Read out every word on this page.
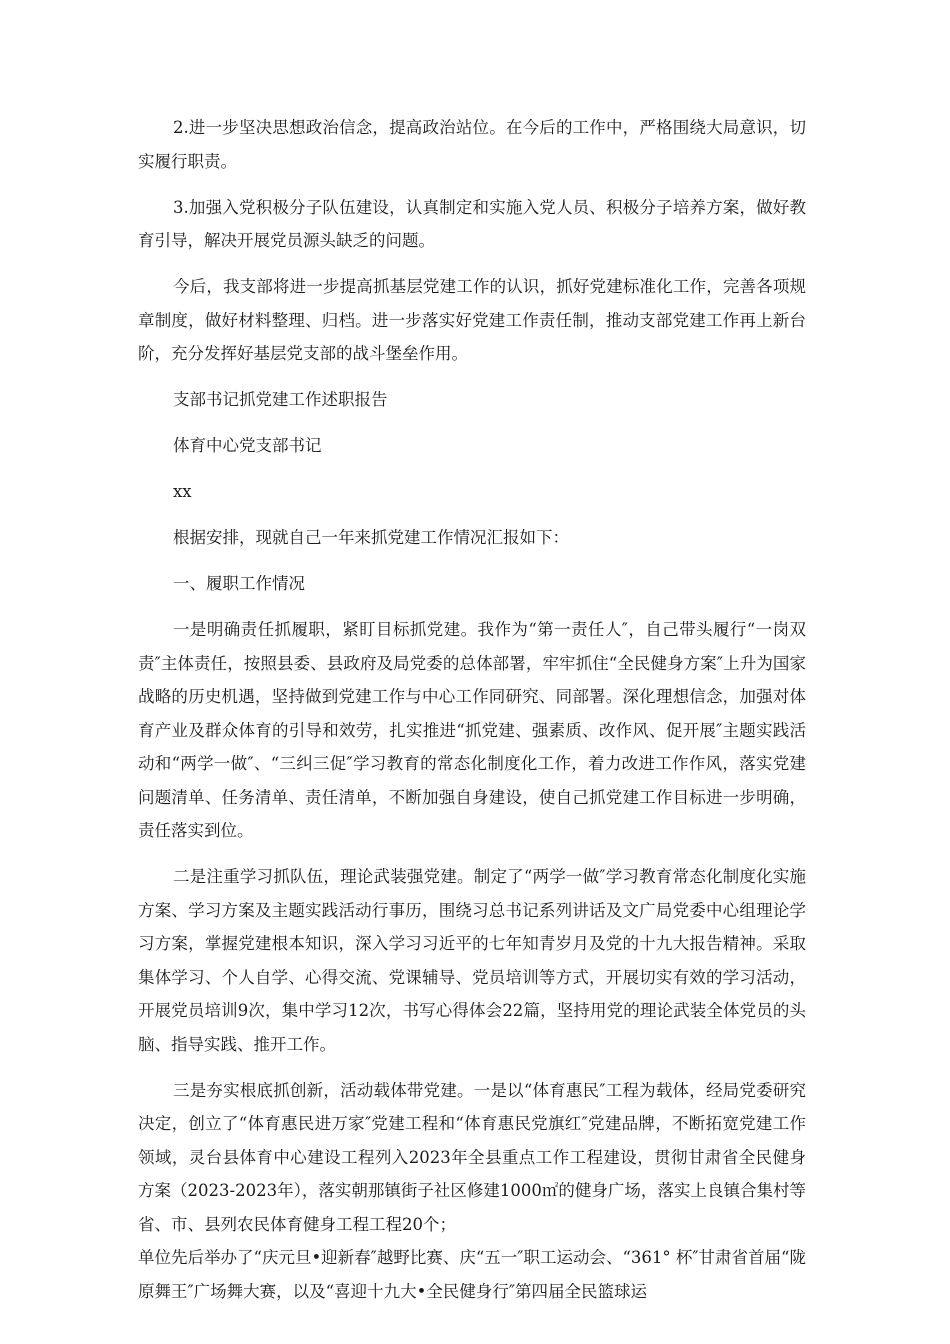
2.进一步坚决思想政治信念，提高政治站位。在今后的工作中，严格围绕大局意识，切实履行职责。

3.加强入党积极分子队伍建设，认真制定和实施入党人员、积极分子培养方案，做好教育引导，解决开展党员源头缺乏的问题。

今后，我支部将进一步提高抓基层党建工作的认识，抓好党建标准化工作，完善各项规章制度，做好材料整理、归档。进一步落实好党建工作责任制，推动支部党建工作再上新台阶，充分发挥好基层党支部的战斗堡垒作用。

支部书记抓党建工作述职报告

体育中心党支部书记

xx

根据安排，现就自己一年来抓党建工作情况汇报如下：

一、履职工作情况

一是明确责任抓履职，紧盯目标抓党建。我作为“第一责任人″，自己带头履行“一岗双责″主体责任，按照县委、县政府及局党委的总体部署，牢牢抓住“全民健身方案″上升为国家战略的历史机遇，坚持做到党建工作与中心工作同研究、同部署。深化理想信念，加强对体育产业及群众体育的引导和效劳，扎实推进“抓党建、强素质、改作风、促开展″主题实践活动和“两学一做″、“三纠三促″学习教育的常态化制度化工作，着力改进工作作风，落实党建问题清单、任务清单、责任清单，不断加强自身建设，使自己抓党建工作目标进一步明确，责任落实到位。

二是注重学习抓队伍，理论武装强党建。制定了“两学一做″学习教育常态化制度化实施方案、学习方案及主题实践活动行事历，围绕习总书记系列讲话及文广局党委中心组理论学习方案，掌握党建根本知识，深入学习习近平的七年知青岁月及党的十九大报告精神。采取集体学习、个人自学、心得交流、党课辅导、党员培训等方式，开展切实有效的学习活动，开展党员培训9次，集中学习12次，书写心得体会22篇，坚持用党的理论武装全体党员的头脑、指导实践、推开工作。

三是夯实根底抓创新，活动载体带党建。一是以“体育惠民″工程为载体，经局党委研究决定，创立了“体育惠民进万家″党建工程和“体育惠民党旗红″党建品牌，不断拓宽党建工作领域，灵台县体育中心建设工程列入2023年全县重点工作工程建设，贯彻甘肃省全民健身方案（2023-2023年），落实朝那镇街子社区修建1000㎡的健身广场，落实上良镇合集村等省、市、县列农民体育健身工程工程20个；

单位先后举办了“庆元旦•迎新春″越野比赛、庆“五一″职工运动会、“361° 杯″甘肃省首届“陇原舞王″广场舞大赛，以及“喜迎十九大•全民健身行″第四届全民篮球运
